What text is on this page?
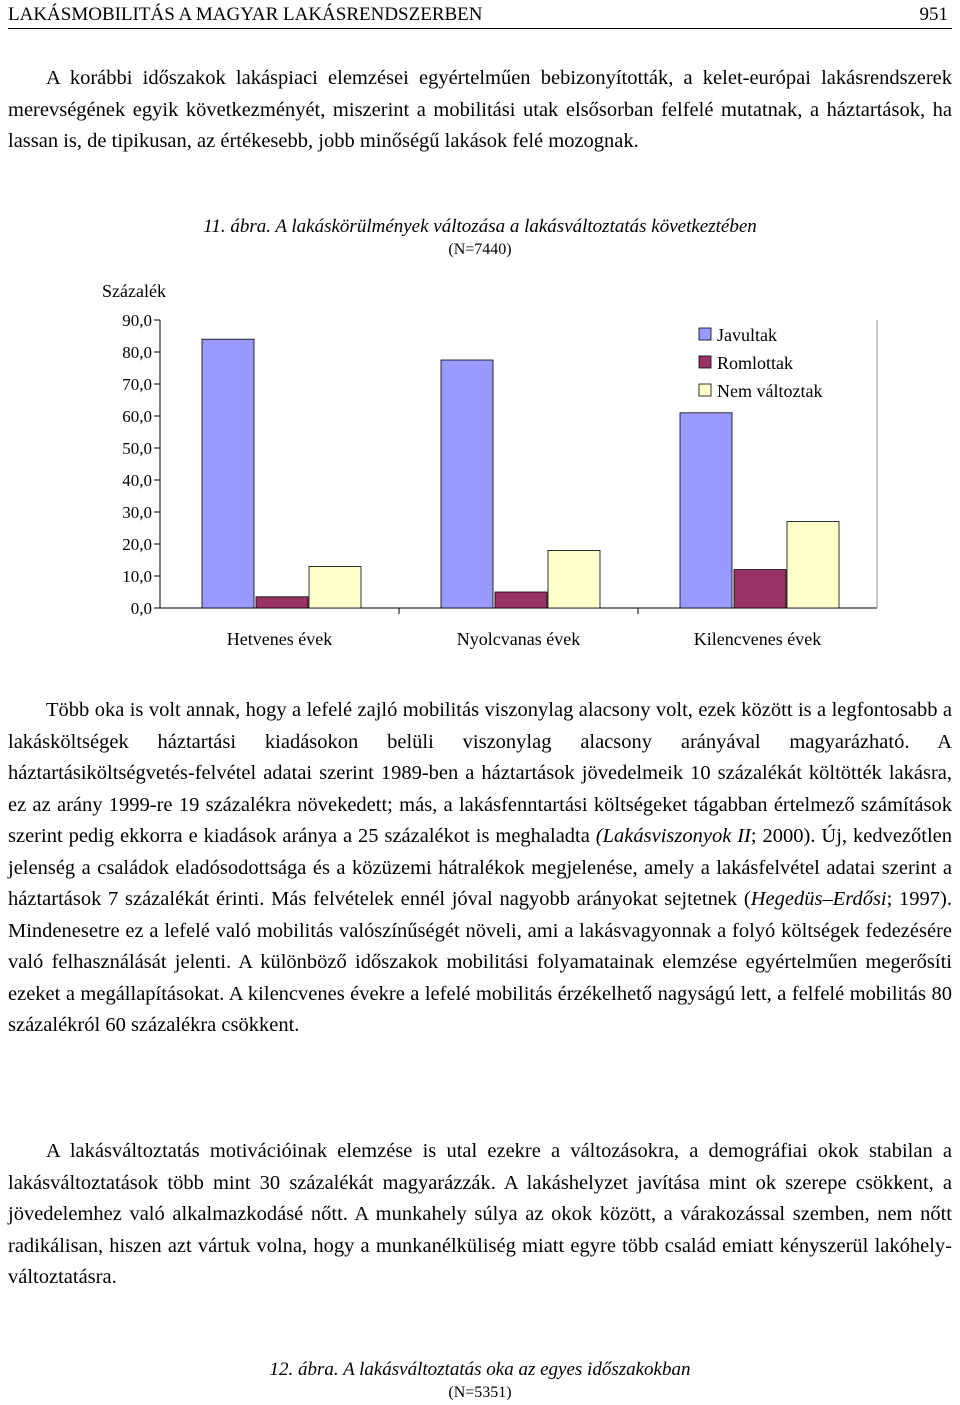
LAKÁSMOBILITÁS A MAGYAR LAKÁSRENDSZERBEN	951

A korábbi időszakok lakáspiaci elemzései egyértelműen bebizonyították, a kelet-európai lakásrendszerek merevségének egyik következményét, miszerint a mobilitási utak elsősorban felfelé mutatnak, a háztartások, ha lassan is, de tipikusan, az értékesebb, jobb minőségű lakások felé mozognak.

11. ábra. A lakáskörülmények változása a lakásváltoztatás következtében
(N=7440)
Százalék
0,0
10,0
20,0
30,0
40,0
50,0
60,0
70,0
80,0
90,0
Hetvenes évek	Nyolcvanas évek	Kilencvenes évek
Javultak
Romlottak
Nem változtak

Több oka is volt annak, hogy a lefelé zajló mobilitás viszonylag alacsony volt, ezek között is a legfontosabb a lakásköltségek háztartási kiadásokon belüli viszonylag alacsony arányával magyarázható. A háztartásiköltségvetés-felvétel adatai szerint 1989-ben a háztartások jövedelmeik 10 százalékát költötték lakásra, ez az arány 1999-re 19 százalékra növekedett; más, a lakásfenntartási költségeket tágabban értelmező számítások szerint pedig ekkorra e kiadások aránya a 25 százalékot is meghaladta (Lakásviszonyok II; 2000). Új, kedvezőtlen jelenség a családok eladósodottsága és a közüzemi hátralékok megjelenése, amely a lakásfelvétel adatai szerint a háztartások 7 százalékát érinti. Más felvételek ennél jóval nagyobb arányokat sejtetnek (Hegedüs–Erdősi; 1997). Mindenesetre ez a lefelé való mobilitás valószínűségét növeli, ami a lakásvagyonnak a folyó költségek fedezésére való felhasználását jelenti. A különböző időszakok mobilitási folyamatainak elemzése egyértelműen megerősíti ezeket a megállapításokat. A kilencvenes évekre a lefelé mobilitás érzékelhető nagyságú lett, a felfelé mobilitás 80 százalékról 60 százalékra csökkent.

A lakásváltoztatás motivációinak elemzése is utal ezekre a változásokra, a demográfiai okok stabilan a lakásváltoztatások több mint 30 százalékát magyarázzák. A lakáshelyzet javítása mint ok szerepe csökkent, a jövedelemhez való alkalmazkodásé nőtt. A munkahely súlya az okok között, a várakozással szemben, nem nőtt radikálisan, hiszen azt vártuk volna, hogy a munkanélküliség miatt egyre több család emiatt kényszerül lakóhelyváltoztatásra.

12. ábra. A lakásváltoztatás oka az egyes időszakokban
(N=5351)
